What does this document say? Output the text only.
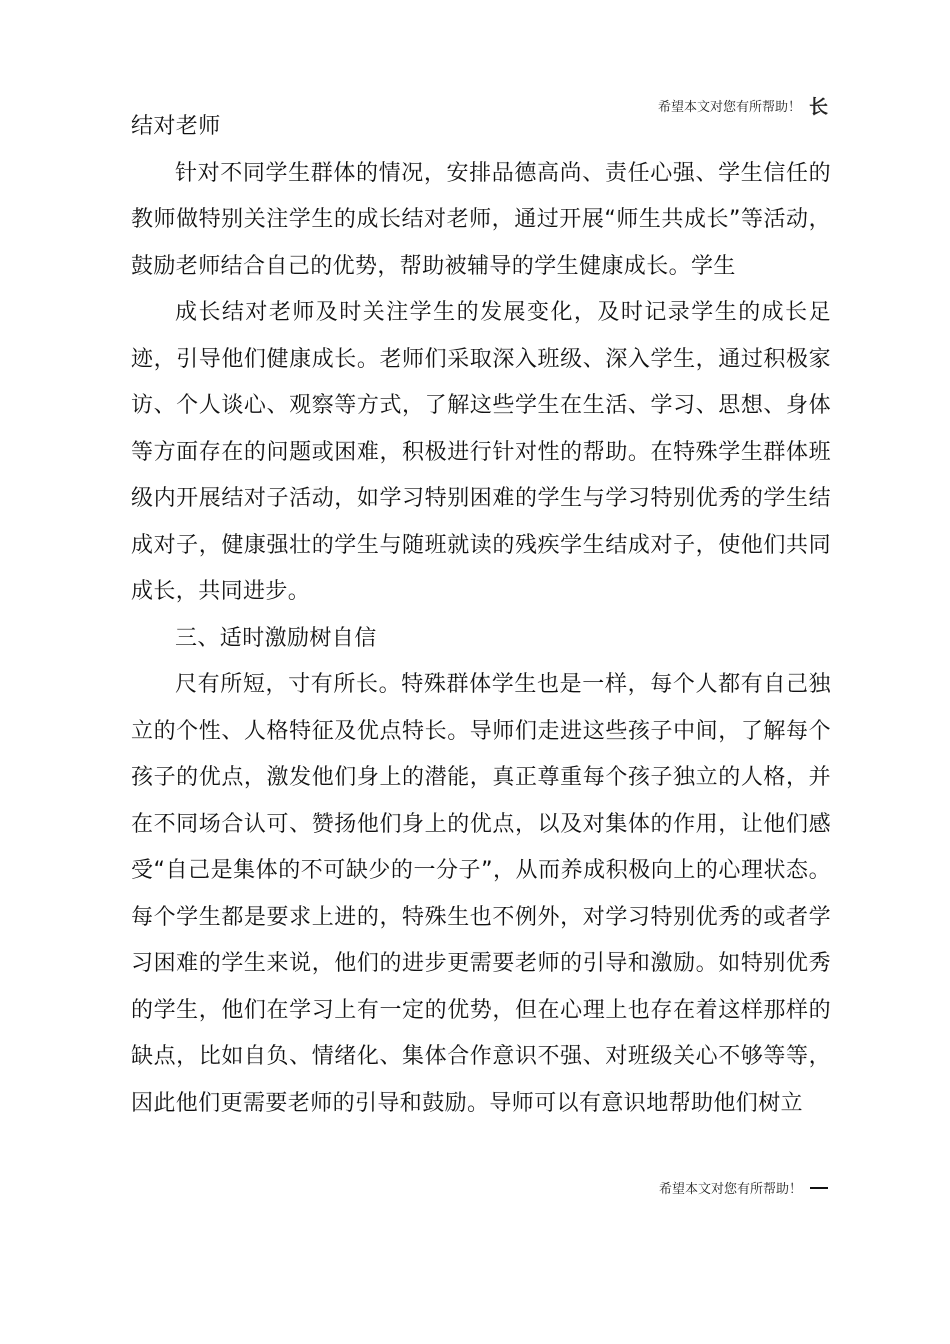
希望本文对您有所帮助！ 长

结对老师

针对不同学生群体的情况，安排品德高尚、责任心强、学生信任的教师做特别关注学生的成长结对老师，通过开展“师生共成长”等活动，鼓励老师结合自己的优势，帮助被辅导的学生健康成长。学生

成长结对老师及时关注学生的发展变化，及时记录学生的成长足迹，引导他们健康成长。老师们采取深入班级、深入学生，通过积极家访、个人谈心、观察等方式，了解这些学生在生活、学习、思想、身体等方面存在的问题或困难，积极进行针对性的帮助。在特殊学生群体班级内开展结对子活动，如学习特别困难的学生与学习特别优秀的学生结成对子，健康强壮的学生与随班就读的残疾学生结成对子，使他们共同成长，共同进步。

三、适时激励树自信

尺有所短，寸有所长。特殊群体学生也是一样，每个人都有自己独立的个性、人格特征及优点特长。导师们走进这些孩子中间，了解每个孩子的优点，激发他们身上的潜能，真正尊重每个孩子独立的人格，并在不同场合认可、赞扬他们身上的优点，以及对集体的作用，让他们感受“自己是集体的不可缺少的一分子”，从而养成积极向上的心理状态。每个学生都是要求上进的，特殊生也不例外，对学习特别优秀的或者学习困难的学生来说，他们的进步更需要老师的引导和激励。如特别优秀的学生，他们在学习上有一定的优势，但在心理上也存在着这样那样的缺点，比如自负、情绪化、集体合作意识不强、对班级关心不够等等，因此他们更需要老师的引导和鼓励。导师可以有意识地帮助他们树立

希望本文对您有所帮助！
